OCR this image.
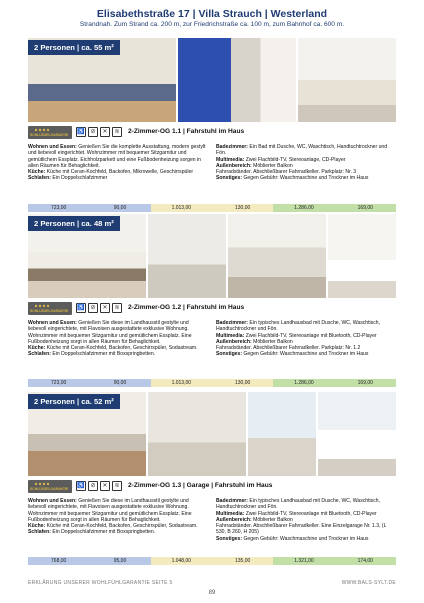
Elisabethstraße 17 | Villa Strauch | Westerland
Strandnah. Zum Strand ca. 200 m, zur Friedrichstraße ca. 100 m, zum Bahnhof ca. 600 m.
2 Personen | ca. 55 m²
SCHLÜSSELGARANTIE ♿ ⊘	✕	≋	2-Zimmer-OG 1.1 | Fahrstuhl im Haus
Wohnen und Essen: Genießen Sie die komplette Ausstattung, modern gestylt und liebevoll eingerichtet. Wohnzimmer mit bequemer Sitzgarnitur und gemütlichem Essplatz. Eichholzparkett und eine Fußbodenheizung sorgen in allen Räumen für Behaglichkeit.
Küche: Küche mit Ceran-Kochfeld, Backofen, Mikrowelle, Geschirrspüler
Schlafen: Ein Doppelschlafzimmer
Badezimmer: Ein Bad mit Dusche, WC, Waschtisch, Handtuchtrockner und Fön.
Multimedia: Zwei Flachbild-TV, Stereoanlage, CD-Player
Außenbereich: Möblierter Balkon
Fahrradständer. Abschließbarer Fahrradkeller. Parkplatz: Nr. 3
Sonstiges: Gegen Gebühr: Waschmaschine und Trockner im Haus
723,00	90,00	1.013,00	130,00	1.286,00	169,00
2 Personen | ca. 48 m²
SCHLÜSSELGARANTIE ♿ ⊘	✕	≋	2-Zimmer-OG 1.2 | Fahrstuhl im Haus
Wohnen und Essen: Genießen Sie diese im Landhausstil gestylte und liebevoll eingerichtete, mit Flavoisen ausgestattete exklusive Wohnung. Wohnzimmer mit bequemer Sitzgarnitur und gemütlichem Essplatz. Eine Fußbodenheizung sorgt in allen Räumen für Behaglichkeit.
Küche: Küche mit Ceran-Kochfeld, Backofen, Geschirrspüler, Sodastream.
Schlafen: Ein Doppelschlafzimmer mit Boxspringbetten.
Badezimmer: Ein typisches Landhausbad mit Dusche, WC, Waschtisch, Handtuchtrockner und Fön.
Multimedia: Zwei Flachbild-TV, Stereoanlage mit Bluetooth, CD-Player
Außenbereich: Möblierter Balkon
Fahrradständer. Abschließbarer Fahrradkeller. Parkplatz: Nr. 1.2
Sonstiges: Gegen Gebühr: Waschmaschine und Trockner im Haus
723,00	90,00	1.013,00	130,00	1.286,00	169,00
2 Personen | ca. 52 m²
SCHLÜSSELGARANTIE ♿ ⊘	✕	≋	2-Zimmer-OG 1.3 | Garage | Fahrstuhl im Haus
Wohnen und Essen: Genießen Sie diese im Landhausstil gestylte und liebevoll eingerichtete, mit Flavoisen ausgestattete exklusive Wohnung. Wohnzimmer mit bequemer Sitzgarnitur und gemütlichem Essplatz. Eine Fußbodenheizung sorgt in allen Räumen für Behaglichkeit.
Küche: Küche mit Ceran-Kochfeld, Backofen, Geschirrspüler, Sodastream.
Schlafen: Ein Doppelschlafzimmer mit Boxspringbetten.
Badezimmer: Ein typisches Landhausbad mit Dusche, WC, Waschtisch, Handtuchtrockner und Fön.
Multimedia: Zwei Flachbild-TV, Stereoanlage mit Bluetooth, CD-Player
Außenbereich: Möblierter Balkon
Fahrradständer. Abschließbarer Fahrradkeller. Eine Einzelgarage Nr. 1.3, (L 530, B 260, H 205)
Sonstiges: Gegen Gebühr: Waschmaschine und Trockner im Haus
768,00	95,00	1.048,00	135,00	1.321,00	174,00
ERKLÄRUNG UNSERER WOHLFÜHLGARANTIE SEITE 5	WWW.BALS-SYLT.DE
89
